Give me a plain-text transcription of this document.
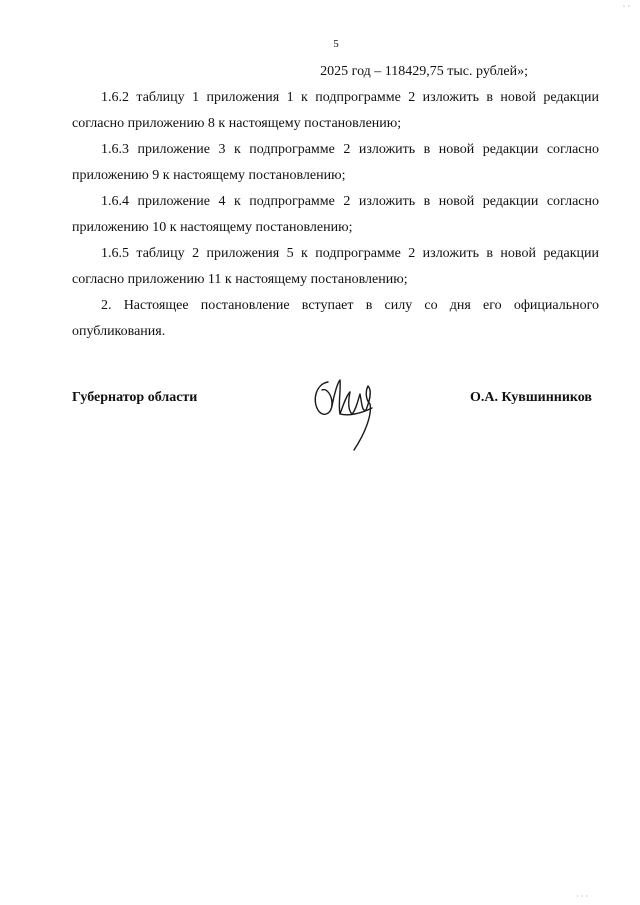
5
2025 год – 118429,75 тыс. рублей»;

1.6.2 таблицу 1 приложения 1 к подпрограмме 2 изложить в новой редакции согласно приложению 8 к настоящему постановлению;

1.6.3 приложение 3 к подпрограмме 2 изложить в новой редакции согласно приложению 9 к настоящему постановлению;

1.6.4 приложение 4 к подпрограмме 2 изложить в новой редакции согласно приложению 10 к настоящему постановлению;

1.6.5 таблицу 2 приложения 5 к подпрограмме 2 изложить в новой редакции согласно приложению 11 к настоящему постановлению;

2. Настоящее постановление вступает в силу со дня его официального опубликования.

Губернатор области	О.А. Кувшинников
· ·
· · ·
